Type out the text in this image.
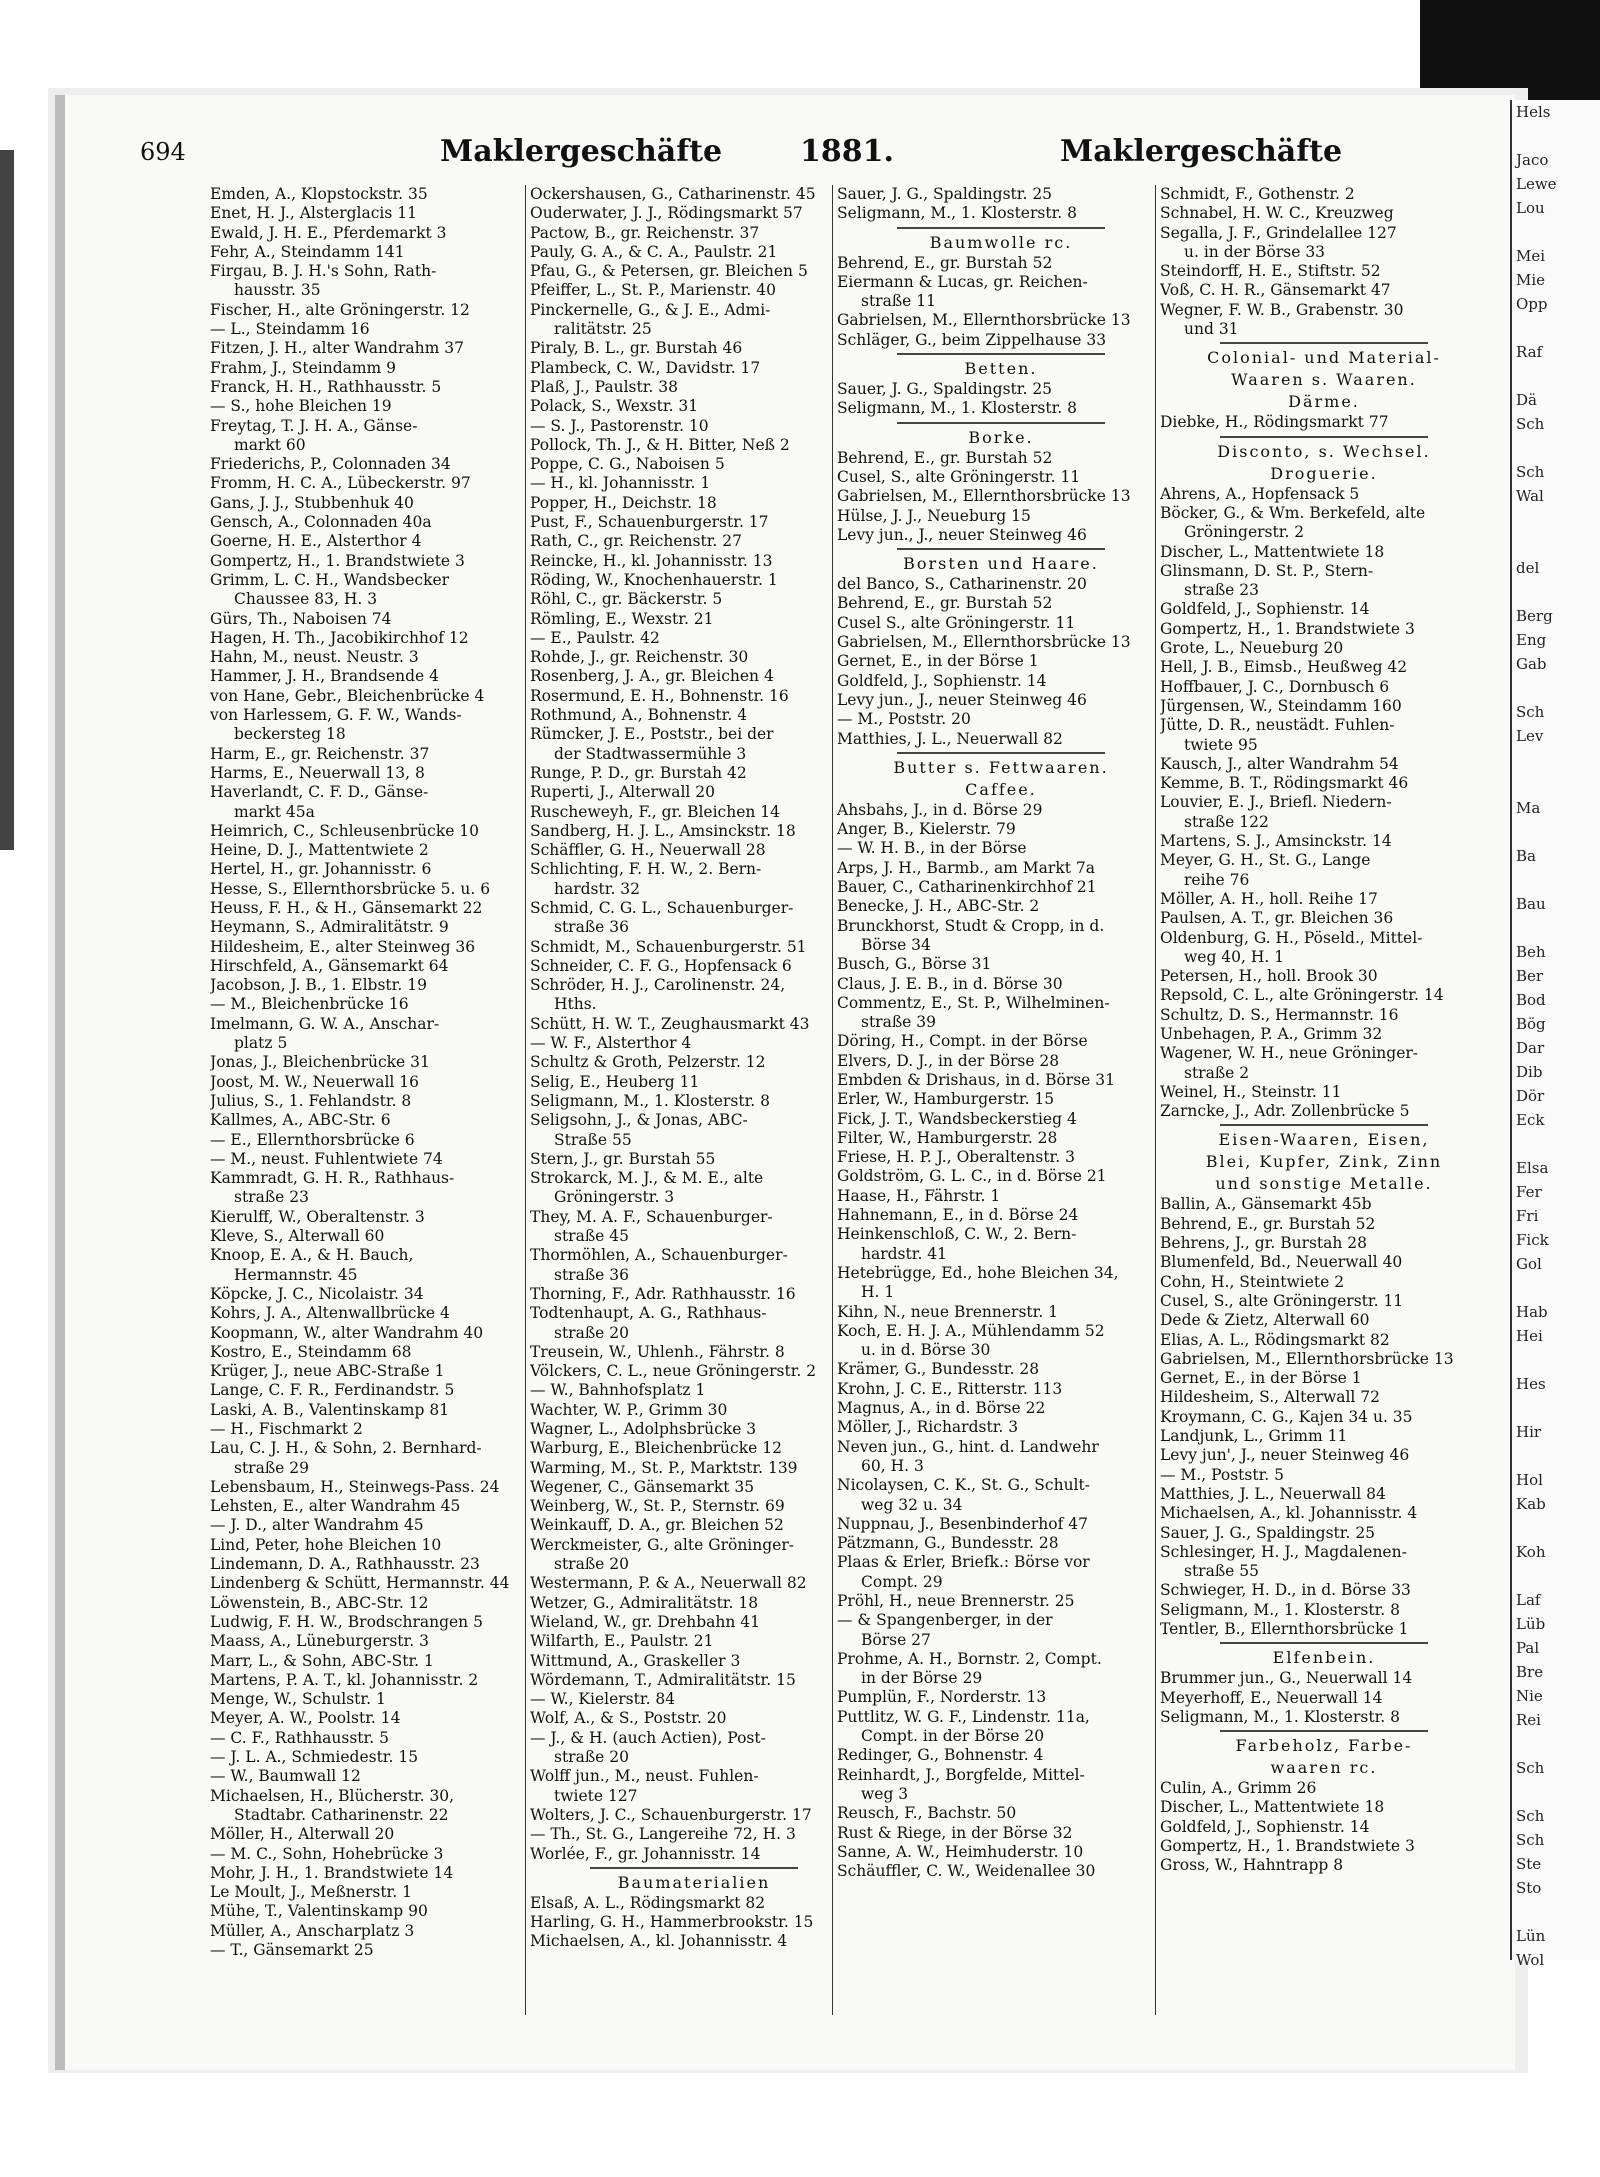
Hels
Jaco
Lewe
Lou
Mei
Mie
Opp
Raf
Dä
Sch
Sch
Wal
del
Berg
Eng
Gab
Sch
Lev
Ma
Ba
Bau
Beh
Ber
Bod
Bög
Dar
Dib
Dör
Eck
Elsa
Fer
Fri
Fick
Gol
Hab
Hei
Hes
Hir
Hol
Kab
Koh
Laf
Lüb
Pal
Bre
Nie
Rei
Sch
Sch
Sch
Ste
Sto
Lün
Wol
694	Maklergeschäfte	1881.	Maklergeschäfte
Emden, A., Klopstockstr. 35
Enet, H. J., Alsterglacis 11
Ewald, J. H. E., Pferdemarkt 3
Fehr, A., Steindamm 141
Firgau, B. J. H.'s Sohn, Rath-
hausstr. 35
Fischer, H., alte Gröningerstr. 12
— L., Steindamm 16
Fitzen, J. H., alter Wandrahm 37
Frahm, J., Steindamm 9
Franck, H. H., Rathhausstr. 5
— S., hohe Bleichen 19
Freytag, T. J. H. A., Gänse-
markt 60
Friederichs, P., Colonnaden 34
Fromm, H. C. A., Lübeckerstr. 97
Gans, J. J., Stubbenhuk 40
Gensch, A., Colonnaden 40a
Goerne, H. E., Alsterthor 4
Gompertz, H., 1. Brandstwiete 3
Grimm, L. C. H., Wandsbecker
Chaussee 83, H. 3
Gürs, Th., Naboisen 74
Hagen, H. Th., Jacobikirchhof 12
Hahn, M., neust. Neustr. 3
Hammer, J. H., Brandsende 4
von Hane, Gebr., Bleichenbrücke 4
von Harlessem, G. F. W., Wands-
beckersteg 18
Harm, E., gr. Reichenstr. 37
Harms, E., Neuerwall 13, 8
Haverlandt, C. F. D., Gänse-
markt 45a
Heimrich, C., Schleusenbrücke 10
Heine, D. J., Mattentwiete 2
Hertel, H., gr. Johannisstr. 6
Hesse, S., Ellernthorsbrücke 5. u. 6
Heuss, F. H., & H., Gänsemarkt 22
Heymann, S., Admiralitätstr. 9
Hildesheim, E., alter Steinweg 36
Hirschfeld, A., Gänsemarkt 64
Jacobson, J. B., 1. Elbstr. 19
— M., Bleichenbrücke 16
Imelmann, G. W. A., Anschar-
platz 5
Jonas, J., Bleichenbrücke 31
Joost, M. W., Neuerwall 16
Julius, S., 1. Fehlandstr. 8
Kallmes, A., ABC-Str. 6
— E., Ellernthorsbrücke 6
— M., neust. Fuhlentwiete 74
Kammradt, G. H. R., Rathhaus-
straße 23
Kierulff, W., Oberaltenstr. 3
Kleve, S., Alterwall 60
Knoop, E. A., & H. Bauch,
Hermannstr. 45
Köpcke, J. C., Nicolaistr. 34
Kohrs, J. A., Altenwallbrücke 4
Koopmann, W., alter Wandrahm 40
Kostro, E., Steindamm 68
Krüger, J., neue ABC-Straße 1
Lange, C. F. R., Ferdinandstr. 5
Laski, A. B., Valentinskamp 81
— H., Fischmarkt 2
Lau, C. J. H., & Sohn, 2. Bernhard-
straße 29
Lebensbaum, H., Steinwegs-Pass. 24
Lehsten, E., alter Wandrahm 45
— J. D., alter Wandrahm 45
Lind, Peter, hohe Bleichen 10
Lindemann, D. A., Rathhausstr. 23
Lindenberg & Schütt, Hermannstr. 44
Löwenstein, B., ABC-Str. 12
Ludwig, F. H. W., Brodschrangen 5
Maass, A., Lüneburgerstr. 3
Marr, L., & Sohn, ABC-Str. 1
Martens, P. A. T., kl. Johannisstr. 2
Menge, W., Schulstr. 1
Meyer, A. W., Poolstr. 14
— C. F., Rathhausstr. 5
— J. L. A., Schmiedestr. 15
— W., Baumwall 12
Michaelsen, H., Blücherstr. 30,
Stadtabr. Catharinenstr. 22
Möller, H., Alterwall 20
— M. C., Sohn, Hohebrücke 3
Mohr, J. H., 1. Brandstwiete 14
Le Moult, J., Meßnerstr. 1
Mühe, T., Valentinskamp 90
Müller, A., Anscharplatz 3
— T., Gänsemarkt 25
Ockershausen, G., Catharinenstr. 45
Ouderwater, J. J., Rödingsmarkt 57
Pactow, B., gr. Reichenstr. 37
Pauly, G. A., & C. A., Paulstr. 21
Pfau, G., & Petersen, gr. Bleichen 5
Pfeiffer, L., St. P., Marienstr. 40
Pinckernelle, G., & J. E., Admi-
ralitätstr. 25
Piraly, B. L., gr. Burstah 46
Plambeck, C. W., Davidstr. 17
Plaß, J., Paulstr. 38
Polack, S., Wexstr. 31
— S. J., Pastorenstr. 10
Pollock, Th. J., & H. Bitter, Neß 2
Poppe, C. G., Naboisen 5
— H., kl. Johannisstr. 1
Popper, H., Deichstr. 18
Pust, F., Schauenburgerstr. 17
Rath, C., gr. Reichenstr. 27
Reincke, H., kl. Johannisstr. 13
Röding, W., Knochenhauerstr. 1
Röhl, C., gr. Bäckerstr. 5
Römling, E., Wexstr. 21
— E., Paulstr. 42
Rohde, J., gr. Reichenstr. 30
Rosenberg, J. A., gr. Bleichen 4
Rosermund, E. H., Bohnenstr. 16
Rothmund, A., Bohnenstr. 4
Rümcker, J. E., Poststr., bei der
der Stadtwassermühle 3
Runge, P. D., gr. Burstah 42
Ruperti, J., Alterwall 20
Ruscheweyh, F., gr. Bleichen 14
Sandberg, H. J. L., Amsinckstr. 18
Schäffler, G. H., Neuerwall 28
Schlichting, F. H. W., 2. Bern-
hardstr. 32
Schmid, C. G. L., Schauenburger-
straße 36
Schmidt, M., Schauenburgerstr. 51
Schneider, C. F. G., Hopfensack 6
Schröder, H. J., Carolinenstr. 24,
Hths.
Schütt, H. W. T., Zeughausmarkt 43
— W. F., Alsterthor 4
Schultz & Groth, Pelzerstr. 12
Selig, E., Heuberg 11
Seligmann, M., 1. Klosterstr. 8
Seligsohn, J., & Jonas, ABC-
Straße 55
Stern, J., gr. Burstah 55
Strokarck, M. J., & M. E., alte
Gröningerstr. 3
They, M. A. F., Schauenburger-
straße 45
Thormöhlen, A., Schauenburger-
straße 36
Thorning, F., Adr. Rathhausstr. 16
Todtenhaupt, A. G., Rathhaus-
straße 20
Treusein, W., Uhlenh., Fährstr. 8
Völckers, C. L., neue Gröningerstr. 2
— W., Bahnhofsplatz 1
Wachter, W. P., Grimm 30
Wagner, L., Adolphsbrücke 3
Warburg, E., Bleichenbrücke 12
Warming, M., St. P., Marktstr. 139
Wegener, C., Gänsemarkt 35
Weinberg, W., St. P., Sternstr. 69
Weinkauff, D. A., gr. Bleichen 52
Werckmeister, G., alte Gröninger-
straße 20
Westermann, P. & A., Neuerwall 82
Wetzer, G., Admiralitätstr. 18
Wieland, W., gr. Drehbahn 41
Wilfarth, E., Paulstr. 21
Wittmund, A., Graskeller 3
Wördemann, T., Admiralitätstr. 15
— W., Kielerstr. 84
Wolf, A., & S., Poststr. 20
— J., & H. (auch Actien), Post-
straße 20
Wolff jun., M., neust. Fuhlen-
twiete 127
Wolters, J. C., Schauenburgerstr. 17
— Th., St. G., Langereihe 72, H. 3
Worlée, F., gr. Johannisstr. 14
Baumaterialien
Elsaß, A. L., Rödingsmarkt 82
Harling, G. H., Hammerbrookstr. 15
Michaelsen, A., kl. Johannisstr. 4
Sauer, J. G., Spaldingstr. 25
Seligmann, M., 1. Klosterstr. 8
Baumwolle rc.
Behrend, E., gr. Burstah 52
Eiermann & Lucas, gr. Reichen-
straße 11
Gabrielsen, M., Ellernthorsbrücke 13
Schläger, G., beim Zippelhause 33
Betten.
Sauer, J. G., Spaldingstr. 25
Seligmann, M., 1. Klosterstr. 8
Borke.
Behrend, E., gr. Burstah 52
Cusel, S., alte Gröningerstr. 11
Gabrielsen, M., Ellernthorsbrücke 13
Hülse, J. J., Neueburg 15
Levy jun., J., neuer Steinweg 46
Borsten und Haare.
del Banco, S., Catharinenstr. 20
Behrend, E., gr. Burstah 52
Cusel S., alte Gröningerstr. 11
Gabrielsen, M., Ellernthorsbrücke 13
Gernet, E., in der Börse 1
Goldfeld, J., Sophienstr. 14
Levy jun., J., neuer Steinweg 46
— M., Poststr. 20
Matthies, J. L., Neuerwall 82
Butter s. Fettwaaren.
Caffee.
Ahsbahs, J., in d. Börse 29
Anger, B., Kielerstr. 79
— W. H. B., in der Börse
Arps, J. H., Barmb., am Markt 7a
Bauer, C., Catharinenkirchhof 21
Benecke, J. H., ABC-Str. 2
Brunckhorst, Studt & Cropp, in d.
Börse 34
Busch, G., Börse 31
Claus, J. E. B., in d. Börse 30
Commentz, E., St. P., Wilhelminen-
straße 39
Döring, H., Compt. in der Börse
Elvers, D. J., in der Börse 28
Embden & Drishaus, in d. Börse 31
Erler, W., Hamburgerstr. 15
Fick, J. T., Wandsbeckerstieg 4
Filter, W., Hamburgerstr. 28
Friese, H. P. J., Oberaltenstr. 3
Goldström, G. L. C., in d. Börse 21
Haase, H., Fährstr. 1
Hahnemann, E., in d. Börse 24
Heinkenschloß, C. W., 2. Bern-
hardstr. 41
Hetebrügge, Ed., hohe Bleichen 34,
H. 1
Kihn, N., neue Brennerstr. 1
Koch, E. H. J. A., Mühlendamm 52
u. in d. Börse 30
Krämer, G., Bundesstr. 28
Krohn, J. C. E., Ritterstr. 113
Magnus, A., in d. Börse 22
Möller, J., Richardstr. 3
Neven jun., G., hint. d. Landwehr
60, H. 3
Nicolaysen, C. K., St. G., Schult-
weg 32 u. 34
Nuppnau, J., Besenbinderhof 47
Pätzmann, G., Bundesstr. 28
Plaas & Erler, Briefk.: Börse vor
Compt. 29
Pröhl, H., neue Brennerstr. 25
— & Spangenberger, in der
Börse 27
Prohme, A. H., Bornstr. 2, Compt.
in der Börse 29
Pumplün, F., Norderstr. 13
Puttlitz, W. G. F., Lindenstr. 11a,
Compt. in der Börse 20
Redinger, G., Bohnenstr. 4
Reinhardt, J., Borgfelde, Mittel-
weg 3
Reusch, F., Bachstr. 50
Rust & Riege, in der Börse 32
Sanne, A. W., Heimhuderstr. 10
Schäuffler, C. W., Weidenallee 30
Schmidt, F., Gothenstr. 2
Schnabel, H. W. C., Kreuzweg
Segalla, J. F., Grindelallee 127
u. in der Börse 33
Steindorff, H. E., Stiftstr. 52
Voß, C. H. R., Gänsemarkt 47
Wegner, F. W. B., Grabenstr. 30
und 31
Colonial- und Material-
Waaren s. Waaren.
Därme.
Diebke, H., Rödingsmarkt 77
Disconto, s. Wechsel.
Droguerie.
Ahrens, A., Hopfensack 5
Böcker, G., & Wm. Berkefeld, alte
Gröningerstr. 2
Discher, L., Mattentwiete 18
Glinsmann, D. St. P., Stern-
straße 23
Goldfeld, J., Sophienstr. 14
Gompertz, H., 1. Brandstwiete 3
Grote, L., Neueburg 20
Hell, J. B., Eimsb., Heußweg 42
Hoffbauer, J. C., Dornbusch 6
Jürgensen, W., Steindamm 160
Jütte, D. R., neustädt. Fuhlen-
twiete 95
Kausch, J., alter Wandrahm 54
Kemme, B. T., Rödingsmarkt 46
Louvier, E. J., Briefl. Niedern-
straße 122
Martens, S. J., Amsinckstr. 14
Meyer, G. H., St. G., Lange
reihe 76
Möller, A. H., holl. Reihe 17
Paulsen, A. T., gr. Bleichen 36
Oldenburg, G. H., Pöseld., Mittel-
weg 40, H. 1
Petersen, H., holl. Brook 30
Repsold, C. L., alte Gröningerstr. 14
Schultz, D. S., Hermannstr. 16
Unbehagen, P. A., Grimm 32
Wagener, W. H., neue Gröninger-
straße 2
Weinel, H., Steinstr. 11
Zarncke, J., Adr. Zollenbrücke 5
Eisen-Waaren, Eisen,
Blei, Kupfer, Zink, Zinn
und sonstige Metalle.
Ballin, A., Gänsemarkt 45b
Behrend, E., gr. Burstah 52
Behrens, J., gr. Burstah 28
Blumenfeld, Bd., Neuerwall 40
Cohn, H., Steintwiete 2
Cusel, S., alte Gröningerstr. 11
Dede & Zietz, Alterwall 60
Elias, A. L., Rödingsmarkt 82
Gabrielsen, M., Ellernthorsbrücke 13
Gernet, E., in der Börse 1
Hildesheim, S., Alterwall 72
Kroymann, C. G., Kajen 34 u. 35
Landjunk, L., Grimm 11
Levy jun', J., neuer Steinweg 46
— M., Poststr. 5
Matthies, J. L., Neuerwall 84
Michaelsen, A., kl. Johannisstr. 4
Sauer, J. G., Spaldingstr. 25
Schlesinger, H. J., Magdalenen-
straße 55
Schwieger, H. D., in d. Börse 33
Seligmann, M., 1. Klosterstr. 8
Tentler, B., Ellernthorsbrücke 1
Elfenbein.
Brummer jun., G., Neuerwall 14
Meyerhoff, E., Neuerwall 14
Seligmann, M., 1. Klosterstr. 8
Farbeholz, Farbe-
waaren rc.
Culin, A., Grimm 26
Discher, L., Mattentwiete 18
Goldfeld, J., Sophienstr. 14
Gompertz, H., 1. Brandstwiete 3
Gross, W., Hahntrapp 8
